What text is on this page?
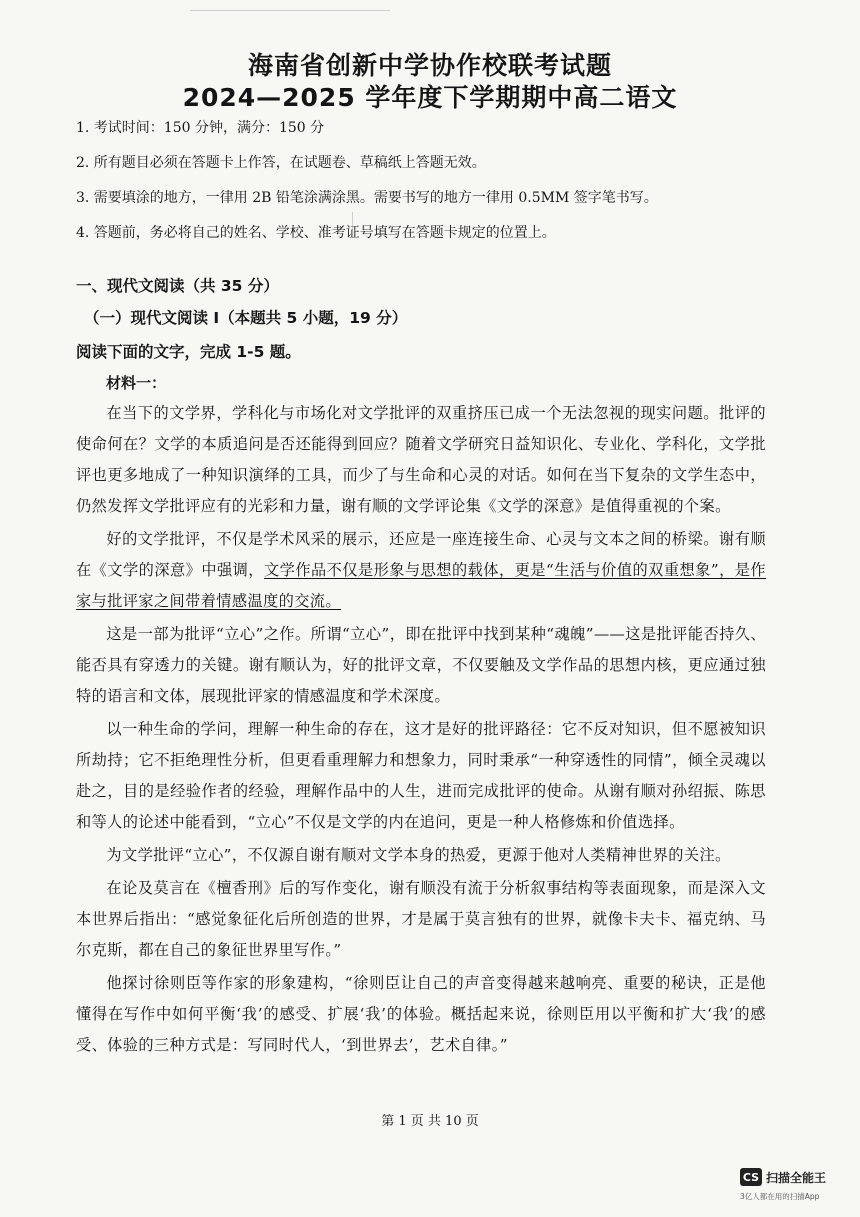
海南省创新中学协作校联考试题
2024—2025 学年度下学期期中高二语文
1. 考试时间：150 分钟，满分：150 分
2. 所有题目必须在答题卡上作答，在试题卷、草稿纸上答题无效。
3. 需要填涂的地方，一律用 2B 铅笔涂满涂黑。需要书写的地方一律用 0.5MM 签字笔书写。
4. 答题前，务必将自己的姓名、学校、准考证号填写在答题卡规定的位置上。
一、现代文阅读（共 35 分）
（一）现代文阅读 I（本题共 5 小题，19 分）
阅读下面的文字，完成 1-5 题。
材料一：

在当下的文学界，学科化与市场化对文学批评的双重挤压已成一个无法忽视的现实问题。批评的使命何在？文学的本质追问是否还能得到回应？随着文学研究日益知识化、专业化、学科化，文学批评也更多地成了一种知识演绎的工具，而少了与生命和心灵的对话。如何在当下复杂的文学生态中，仍然发挥文学批评应有的光彩和力量，谢有顺的文学评论集《文学的深意》是值得重视的个案。

好的文学批评，不仅是学术风采的展示，还应是一座连接生命、心灵与文本之间的桥梁。谢有顺在《文学的深意》中强调，文学作品不仅是形象与思想的载体，更是“生活与价值的双重想象”，是作家与批评家之间带着情感温度的交流。

这是一部为批评“立心”之作。所谓“立心”，即在批评中找到某种“魂魄”——这是批评能否持久、能否具有穿透力的关键。谢有顺认为，好的批评文章，不仅要触及文学作品的思想内核，更应通过独特的语言和文体，展现批评家的情感温度和学术深度。

以一种生命的学问，理解一种生命的存在，这才是好的批评路径：它不反对知识，但不愿被知识所劫持；它不拒绝理性分析，但更看重理解力和想象力，同时秉承“一种穿透性的同情”，倾全灵魂以赴之，目的是经验作者的经验，理解作品中的人生，进而完成批评的使命。从谢有顺对孙绍振、陈思和等人的论述中能看到，“立心”不仅是文学的内在追问，更是一种人格修炼和价值选择。

为文学批评“立心”，不仅源自谢有顺对文学本身的热爱，更源于他对人类精神世界的关注。

在论及莫言在《檀香刑》后的写作变化，谢有顺没有流于分析叙事结构等表面现象，而是深入文本世界后指出：“感觉象征化后所创造的世界，才是属于莫言独有的世界，就像卡夫卡、福克纳、马尔克斯，都在自己的象征世界里写作。”

他探讨徐则臣等作家的形象建构，“徐则臣让自己的声音变得越来越响亮、重要的秘诀，正是他懂得在写作中如何平衡‘我’的感受、扩展‘我’的体验。概括起来说，徐则臣用以平衡和扩大‘我’的感受、体验的三种方式是：写同时代人，‘到世界去’，艺术自律。”

第 1 页 共 10 页
CS 扫描全能王
3亿人都在用的扫描App
